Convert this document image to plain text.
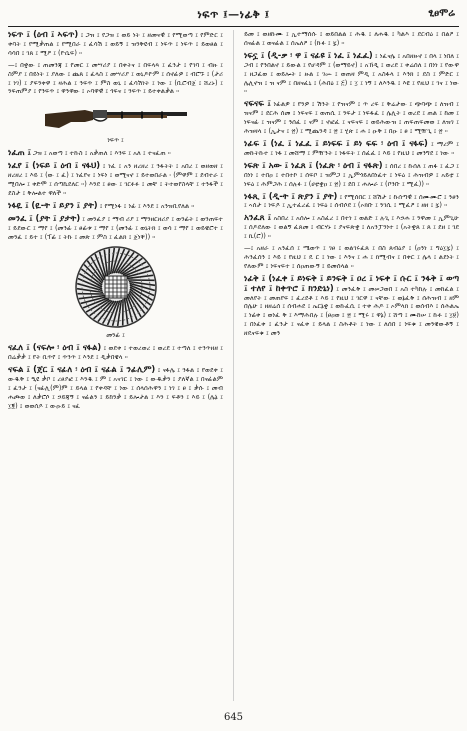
ነፍጥ ፤—ነፊቅ ፤	ፂፀሞሬ

ነፍጥ ፤ (ዕብ ፤ ኣፍጥ) ፤ ጋዝ ፤ የጋዝ ፤ ወይ ነት ፤ ዘመናዊ ፤ የሚወጣ ፤ የምድር ፤ ቀባት ፤ የሚቃጠል ፤ የሚበራ ፤ ፈሳሽ ፤ ወይኝ ፤ ዝንቅዩብ ፤ ነፍጥ ፤ ነፍጥ ፤ ይወፀል ፤ ሳሳበ ፤ ገጸ ፤ ሚዖ ፤ (ዮሴፍ) ።

—፤ በቋው ፤ ጠመንጃ ፤ የመር ፤ መሣሪያ ፤ በቀትና ፤ በፍላጻ ፤ ፈንታ ፤ የገባ ፤ ብዙ ፤ ስምያ ፤ በይነት ፤ ያለው ፤ ጨጸ ፤ ፈላስ ፤ መሣሪያ ፤ ወኒዶዮም ፤ ሰኖፊዎ ፤ ብሮኙ ፤ (ታሪ ፤ ነገ) ፤ ያፍንቀዋ ፤ ዛሕል ፤ ንፍጥ ፤ ምስ ወኒ ፤ ፈሳሽነት ፤ ነው ፤ (ቢሮብጀ ፤ ሸረኑ) ፤ ንፍጠምያ ፤ የንፍጥ ፤ ዋንዋው ፤ ኦባዋዊ ፤ ጎፍና ፤ ንፍጥ ፤ ይተቀልቃል ።

ነፍጥ ፤

ነፈጠ ፤ ጋዝ ፤ አወጣ ፤ ተኩስ ፤ አቃጠለ ፤ እንፍ ፤ አለ ፤ ተናፈጠ ።

ነፈየ ፤ (ነፍይ ፤ ዕብ ፤ ናፋህ) ፤ ነፈ ፤ አን ዘረዘረ ፤ ንፋትት ፤ አበረ ፤ ወዘወዘ ፤ ዘረዘረ ፤ እይ ፤ (ው ፤ ፈ) ፤ ነፈየና ፤ ነፍነ ፤ ወሚናኖ ፤ ይተወበራል ፡ (ምዋም ፤ ደብተራ ፤ ሚበሎ ፤ ቀድሞ ፤ ሰጣኬደለር ።) እንደ ፤ ፀው ፤ ገርፉፉ ፤ መቸ ፤ ትተወየስላቸ ፤ ተንፋች ፤ ደስታ ፤ ቅሎልተ ዋለች ።

ነፋዪ ፤ (ዪ-ት ፤ ይያን ፤ ያት) ፤ የሚነፋ ፤ ነፊ ፤ እንደ ፤ አንዝቢየለል ።

መንፈ ፤ (ያት ፤ ያታት) ፤ መንፈያ ፤ ማብ ሪያ ፤ ማንዘርዘሪያ ፤ ወንፊት ፤ ወንጠፍተ ፤ ይደውር ፤ ማየ ፤ (መንፊ ፤ ፀፊቱ ፤ ማየ ፤ (መንፊ ፤ ወኒትክ ፤ ወሳ ፤ ማየ ፤ ወይዌሮተ ፤ መንፈ ፤ ይተ ፤ (ፕፊ ፤ ትኩ ፤ መጽ ፤ ምስ ፤ ፈልክ ፤ ጀነቐ)) ።

መንፊ ፤

ናፈለ ፤ (ናፍሎ ፡ ዕብ ፤ ናፋል) ፤ ወደቀ ፤ ተወረወረ ፤ ወረደ ፤ ተጣለ ፤ ተንጥዘዘ ፤ በሬቃቃ ፤ የት ቢጥየ ፤ ጥንጥ ፤ እንደ ፤ ዲቃበዌላ ።

ናፍል ፤ (ጀር ፤ ናፊለ ፡ ዕብ ፤ ናፊል ፤ ንፊሊም) ፤ ናፋሌ ፤ ንፋል ፤ የወደቀ ፤ ውዱቅ ፤ ዒዩ ቃቦ ፤ ረፀያፎ ፤ እንዱ ፤ ም ፤ አናገር ፤ ነው ፤ ውዱቃን ፤ ያለኛል ፤ በናፊልም ፤ ፈንታ ፤ (ናፊሊ(ም)ም ፤ ይላል ፤ የቀዳቸ ፤ ነው ፤ ሰላሰሕዋን ፤ ነገ ፤ ፀ ፤ ቃሱ ፤ መብ ሐጮወ ፤ ለቃሮሶ ፤ ኃይጃኝ ፤ ናፊልን ፤ ይከንቃ ፤ ይሎታል ፤ እን ፤ ፍቶን ፤ እይ ፤ (ሌኔ ፤ ፲፪) ፤ ወወሰዶ ፤ ውዑይ ፤ ናፈ

ይመ ፤ ወዘኩሙ ፤ ኢተማሰሱ ፤ ወይበልል ፤ ሕዱ ፤ ለሐዱ ፤ ካልእ ፤ ደርብዕ ፤ በልዖ ፤ ሰናፊል ፤ ወናፊል ፤ ሰኤለዖ ፤ (ኩፉ ፤ ፯) ።

ነፍኗ ፤ (ዲ-ቃ ፡ ዋ ፤ ናፊዩ ፤ ነፈ ፤ ነፈፈ) ፤ ነፈናሌ ፤ አበዘዙኖ ፤ በላ ፤ ነበለ ፤ ጋብ ፤ የንበልኖ ፤ ይውል ፤ የሆዳም ፤ (ወማይኖ) ፤ አኸዲ ፤ ወረደ ፤ ቀሬሰለ ፤ በነነ ፤ የውዋ ፤ ዘጋፈወ ፤ ወይሎት ፤ ዙል ፤ ገሡ ፤ ወጠዛ ምዲ ፤ አስፋላ ፤ እንክ ፤ ደስ ፤ ምድር ፤ ሌሊኖዝ ፤ ዝ ናም ፤ በዘናፈኒ ፤ (ሕበዕ ፤ ፭) ፤ ፲ ፤ ነኝ ፤ ለእንዱ ፤ እዩ ፤ የዚህ ፤ ገና ፤ ነው ።

ናፍናፍ ፤ ነፊልዎ ፤ የንዎ ፤ ሽንት ፤ የዝናም ፤ ጥ ረፍ ፤ ቅሬታው ፤ ጭባጭ ፤ ለዝብ ፤ ዝናም ፤ ደርሕ ሰመ ፤ ነፍናፍ ፤ ወጠሲ ፤ ንፍታ ፤ ነፍፋፈ ፤ ሌሊት ፤ ወረደ ፤ ጠል ፤ ከመ ፤ ነፍናፊ ፤ ዝናም ፤ ንሰፈ ፤ ናም ፤ ኖፎፈ ፤ ናፍናፍ ፤ ወይሕውዝ ፤ ጠፍጠፍመወ ፤ ለዝገ ፤ ሕዝዛላ ፤ (ኢታና ፤ ፳) ፤ ሚጨንዳ ፤ ፳ ፤ ሂጵ ፤ ሐ ፤ ዑቅ ፤ በዑ ፤ ፀ ፤ ሚዥጊ ፤ ፳ ።

ነፊፍ ፤ (ነፈ ፤ ነፈፈ ፤ ይነፍፍ ፤ ይነ ፍፍ ፡ ዕብ ፤ ናፋፍ) ፤ ማረም ፤ መኩትኩተ ፤ ነፋ ፤ መሸማ ፤ ምዥንት ፤ ነፋፍት ፤ ሰፈፈ ፤ እይ ፤ የዚህ ፤ መንግደ ፤ ነው ።

ነፍጽ ፤ አው ፤ ነፈጸ ፤ (ነፈጽ ፡ ዕብ ፤ ናፋጽ) ፤ ሰበረ ፤ ኩሰለ ፤ ጠፋ ፤ ፈጋ ፤ በነነ ፤ ተበዐ ፤ ተበተኮ ፤ ሰፍቦ ፤ ዝምጋ ፤ ኢምጎይለበነፈተ ፤ ነፍዕ ፤ ሕዝብዎ ፤ አይቲ ፤ ነፍዕ ፤ ሕምጋሕ ፤ ሰሉፉ ፤ (ሀቲቋዐ ፤ ፳) ፤ ደበ ፤ ሐሎራ ፤ (ቦንቡ ፤ ሚፈ)) ።

ነፋጺ ፤ (ዲ-ት ፤ ጽያን ፤ ያት) ፤ የሚሰበር ፤ ሸሽታ ፤ ኩሰጣዊ ፤ ሰሙሙሮ ፤ ንፀን ፤ ኣሰታ ፤ ነፍዶ ፤ ኢተፈረፈ ፤ ነፍዕ ፤ ሰብሶደ ፤ (ኦክቡ ፤ ንገሲ ፤ ሚፈዖ ፤ ዘዘ ፤ ፯) ።

አንፈጸ ፤ አስበረ ፤ አሰሎ ፤ አስፈረ ፤ በተነ ፤ ወልድ ፤ ሉጊ ፤ እኃሐ ፤ ንዋመ ፤ ኢምጊሁ ፤ ሰዶደለው ፤ ወልኝ ፈጸመ ፤ ብርሃኑ ፤ ያናፍጽቋ ፤ ለአንፓንነተ ፤ (አትቋጸ ፤ ጸ ፤ ደዘ ፤ ገደ ፤ ኪ(ሮ)) ።

—፤ አዘራ ፤ አንፈሰ ፤ ሜወጥ ፤ ገፀ ፤ ወልገሩፈጸ ፤ በስ ጸብዕያ ፤ (ዐንነ ፤ ግዕ፲፯) ፤ ሕንፈሰን ፤ እይ ፤ የዚህ ፤ ዴ ር ፤ ነው ፤ እንና ፤ ሐ ፤ ክሚብና ፤ በቀር ፤ ሌላ ፤ ልደነት ፤ የለውም ፤ ነፍናፍተ ፤ ሰዐጠውኝ ፤ ይመሰላል ።

ነፊቅ ፤ (ነፈቀ ፤ ይነፍቅ ፤ ይንፍቅ ፤ ዐረ ፤ ነፍቀ ፤ ሱር ፤ ንፋቅ ፤ ወጣ ፤ ተለየ ፤ ከቀጥሮ ፤ ክንድኒነ) ፤ መንፈቅ ፤ መሠጋወበ ፤ አስ ተካከሉ ፤ መከፈል ፤ መለየት ፤ መጠየፍ ፤ ፈረደቶ ፤ እይ ፤ የዚህ ፤ ገርዋ ፤ ናቸው ፤ ወኔፈቅ ፤ ሰሕዝብ ፤ ዘም በሌሁ ፤ ዘዘሬሰ ፤ ሰብሐደ ፤ ኤርኔቋ ፤ ወኩፈሲ ፤ ተቀ ሕዶ ፤ ኦምላክ ፤ ወሰብእ ፤ ሰሕልኤ ፤ ነፊቀ ፤ ወነፈ ቅ ፤ እማሕበሉ ፤ (ፀዐወ ፤ ፳ ፤ ሚሩ ፤ ዋኔ) ፤ ሸጣ ፤ ሙከሠ ፤ ኩፉ ፤ ፲፱) ፤ በነፈቀ ፤ ፈንታ ፤ ናፈቀ ፤ ይላል ፤ ስሕቶት ፤ ነው ፤ ለሰበ ፤ ነፍቁ ፤ መንዌውቶኝ ፤ ዘዴናፍቁ ፤ መን

645
